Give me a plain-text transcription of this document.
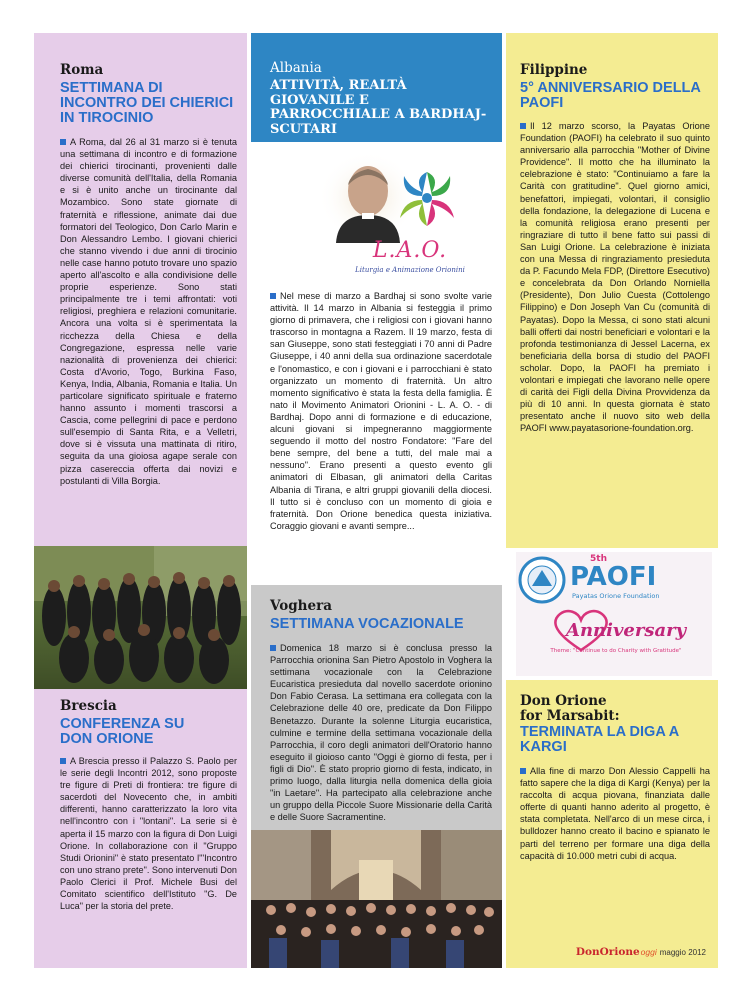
Roma
SETTIMANA DI INCONTRO DEI CHIERICI IN TIROCINIO
A Roma, dal 26 al 31 marzo si è tenuta una settimana di incontro e di formazione dei chierici tirocinanti, provenienti dalle diverse comunità dell'Italia, della Romania e si è unito anche un tirocinante dal Mozambico. Sono state giornate di fraternità e riflessione, animate dai due formatori del Teologico, Don Carlo Marin e Don Alessandro Lembo. I giovani chierici che stanno vivendo i due anni di tirocinio nelle case hanno potuto trovare uno spazio aperto all'ascolto e alla condivisione delle proprie esperienze. Sono stati principalmente tre i temi affrontati: voti religiosi, preghiera e relazioni comunitarie. Ancora una volta si è sperimentata la ricchezza della Chiesa e della Congregazione, espressa nelle varie nazionalità di provenienza dei chierici: Costa d'Avorio, Togo, Burkina Faso, Kenya, India, Albania, Romania e Italia. Un particolare significato spirituale e fraterno hanno assunto i momenti trascorsi a Cascia, come pellegrini di pace e perdono sull'esempio di Santa Rita, e a Velletri, dove si è vissuta una mattinata di ritiro, seguita da una gioiosa agape serale con pizza casereccia offerta dai novizi e postulanti di Villa Borgia.
Brescia
CONFERENZA SU DON ORIONE
A Brescia presso il Palazzo S. Paolo per le serie degli Incontri 2012, sono proposte tre figure di Preti di frontiera: tre figure di sacerdoti del Novecento che, in ambiti differenti, hanno caratterizzato la loro vita nell'incontro con i "lontani". La serie si è aperta il 15 marzo con la figura di Don Luigi Orione. In collaborazione con il "Gruppo Studi Orionini" è stato presentato l'"Incontro con uno strano prete". Sono intervenuti Don Paolo Clerici il Prof. Michele Busi del Comitato scientifico dell'Istituto "G. De Luca" per la storia del prete.
Albania
ATTIVITÀ, REALTÀ GIOVANILE E PARROCCHIALE A BARDHAJ-SCUTARI
L.A.O.
Liturgia e Animazione Orionini
Nel mese di marzo a Bardhaj si sono svolte varie attività. Il 14 marzo in Albania si festeggia il primo giorno di primavera, che i religiosi con i giovani hanno trascorso in montagna a Razem. Il 19 marzo, festa di san Giuseppe, sono stati festeggiati i 70 anni di Padre Giuseppe, i 40 anni della sua ordinazione sacerdotale e l'onomastico, e con i giovani e i parrocchiani è stato organizzato un momento di fraternità. Un altro momento significativo è stata la festa della famiglia. È nato il Movimento Animatori Orionini - L. A. O. - di Bardhaj. Dopo anni di formazione e di educazione, alcuni giovani si impegneranno maggiormente seguendo il motto del nostro Fondatore: "Fare del bene sempre, del bene a tutti, del male mai a nessuno". Erano presenti a questo evento gli animatori di Elbasan, gli animatori della Caritas Albania di Tirana, e altri gruppi giovanili della diocesi. Il tutto si è concluso con un momento di gioia e fraternità. Don Orione benedica questa iniziativa. Coraggio giovani e avanti sempre...
Voghera
SETTIMANA VOCAZIONALE
Domenica 18 marzo si è conclusa presso la Parrocchia orionina San Pietro Apostolo in Voghera la settimana vocazionale con la Celebrazione Eucaristica presieduta dal novello sacerdote orionino Don Fabio Cerasa. La settimana era collegata con la Celebrazione delle 40 ore, predicate da Don Filippo Benetazzo. Durante la solenne Liturgia eucaristica, culmine e termine della settimana vocazionale della Parrocchia, il coro degli animatori dell'Oratorio hanno eseguito il gioioso canto "Oggi è giorno di festa, per i figli di Dio". È stato proprio giorno di festa, indicato, in primo luogo, dalla liturgia nella domenica della gioia "in Laetare". Ha partecipato alla celebrazione anche un gruppo della Piccole Suore Missionarie della Carità e delle Suore Sacramentine.
Filippine
5° ANNIVERSARIO DELLA PAOFI
Il 12 marzo scorso, la Payatas Orione Foundation (PAOFI) ha celebrato il suo quinto anniversario alla parrocchia "Mother of Divine Providence". Il motto che ha illuminato la celebrazione è stato: "Continuiamo a fare la Carità con gratitudine". Quel giorno amici, benefattori, impiegati, volontari, il consiglio della fondazione, la delegazione di Lucena e la comunità religiosa erano presenti per ringraziare di tutto il bene fatto sui passi di San Luigi Orione. La celebrazione è iniziata con una Messa di ringraziamento presieduta da P. Facundo Mela FDP, (Direttore Esecutivo) e concelebrata da Don Orlando Norniella (Presidente), Don Julio Cuesta (Cottolengo Filippino) e Don Joseph Van Cu (comunità di Payatas). Dopo la Messa, ci sono stati alcuni balli offerti dai nostri beneficiari e volontari e la profonda testimonianza di Jessel Lacerna, ex beneficiaria della borsa di studio del PAOFI scholar. Dopo, la PAOFI ha premiato i volontari e impiegati che lavorano nelle opere di carità dei Figli della Divina Provvidenza da più di 10 anni. In questa giornata è stato presentato anche il nuovo sito web della PAOFI www.payatasorione-foundation.org.
5th
PAOFI
Payatas Orione Foundation
Anniversary
Theme: "Continue to do Charity with Gratitude"
Don Orione
for Marsabit:
TERMINATA LA DIGA A KARGI
Alla fine di marzo Don Alessio Cappelli ha fatto sapere che la diga di Kargi (Kenya) per la raccolta di acqua piovana, finanziata dalle offerte di quanti hanno aderito al progetto, è stata completata. Nell'arco di un mese circa, i bulldozer hanno creato il bacino e spianato le parti del terreno per formare una diga della capacità di 10.000 metri cubi di acqua.
DonOrioneoggi maggio 2012
